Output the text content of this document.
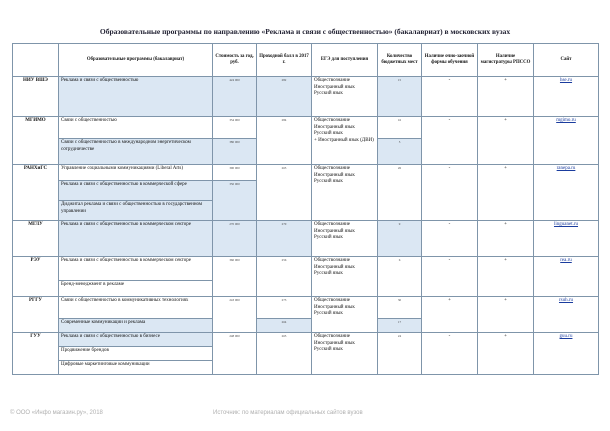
Образовательные программы по направлению «Реклама и связи с общественностью» (бакалавриат) в московских вузах
	Образовательные программы (бакалавриат)	Стоимость за год, руб.	Проходной балл в 2017 г.	ЕГЭ для поступления	Количество бюджетных мест	Наличие очно-заочной формы обучения	Наличие магистратуры РПССО	Сайт
НИУ ВШЭ	Реклама и связи с общественностью	424 000	282	Обществознание
Иностранный язык
Русский язык	15	-	+	hse.ru
МГИМО	Связи с общественностью	354 000	284	Обществознание
Иностранный язык
Русский язык
+ Иностранный язык (ДВИ)	16	-	+	mgimo.ru
	Связи с общественностью в международном энергетическом сотрудничестве	380 000			5			
РАНХиГС	Управление социальными коммуникациями (Liberal Arts)	390 000	265	Обществознание
Иностранный язык
Русский язык	26	-	+	ranepa.ru
	Реклама и связи с общественностью в коммерческой сфере	350 000						
	Диджитал реклама и связи с общественностью в государственном управлении							
МГЛУ	Реклама и связи с общественностью в коммерческом секторе	270 000	270	Обществознание
Иностранный язык
Русский язык	9	-	+	linguanet.ru
РЭУ	Реклама и связи с общественностью в коммерческом секторе	360 000	256	Обществознание
Иностранный язык
Русский язык	6	-	+	rea.ru
	Бренд-менеджмент в рекламе							
РГГУ	Связи с общественностью в коммуникативных технологиях	243 000	273	Обществознание
Иностранный язык
Русский язык	30	+	+	rsuh.ru
	Современные коммуникации и реклама		264		17			
ГУУ	Реклама и связи с общественностью в бизнесе	248 000	265	Обществознание
Иностранный язык
Русский язык	24	-	+	guu.ru
	Продвижение брендов							
	Цифровые маркетинговые коммуникации							
© ООО «Инфо магазин.ру», 2018	Источник: по материалам официальных сайтов вузов
